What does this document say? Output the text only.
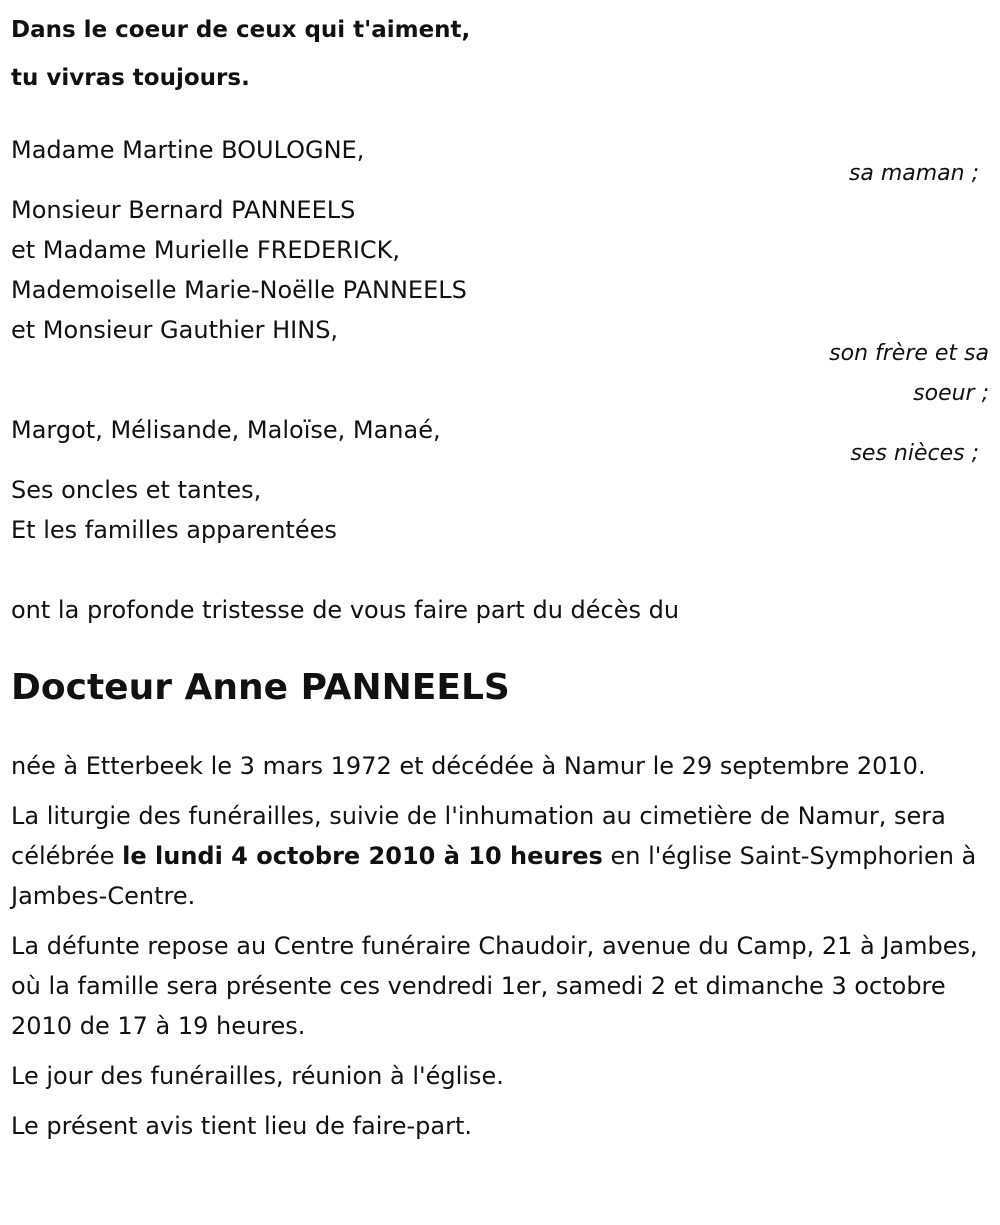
Dans le coeur de ceux qui t'aiment,
tu vivras toujours.
Madame Martine BOULOGNE,
sa maman ;
Monsieur Bernard PANNEELS
et Madame Murielle FREDERICK,
Mademoiselle Marie-Noëlle PANNEELS
et Monsieur Gauthier HINS,
son frère et sa soeur ;
Margot, Mélisande, Maloïse, Manaé,
ses nièces ;
Ses oncles et tantes,
Et les familles apparentées
ont la profonde tristesse de vous faire part du décès du
Docteur Anne PANNEELS

née à Etterbeek le 3 mars 1972 et décédée à Namur le 29 septembre 2010.

La liturgie des funérailles, suivie de l'inhumation au cimetière de Namur, sera célébrée le lundi 4 octobre 2010 à 10 heures en l'église Saint-Symphorien à Jambes-Centre.

La défunte repose au Centre funéraire Chaudoir, avenue du Camp, 21 à Jambes, où la famille sera présente ces vendredi 1er, samedi 2 et dimanche 3 octobre 2010 de 17 à 19 heures.

Le jour des funérailles, réunion à l'église.

Le présent avis tient lieu de faire-part.
